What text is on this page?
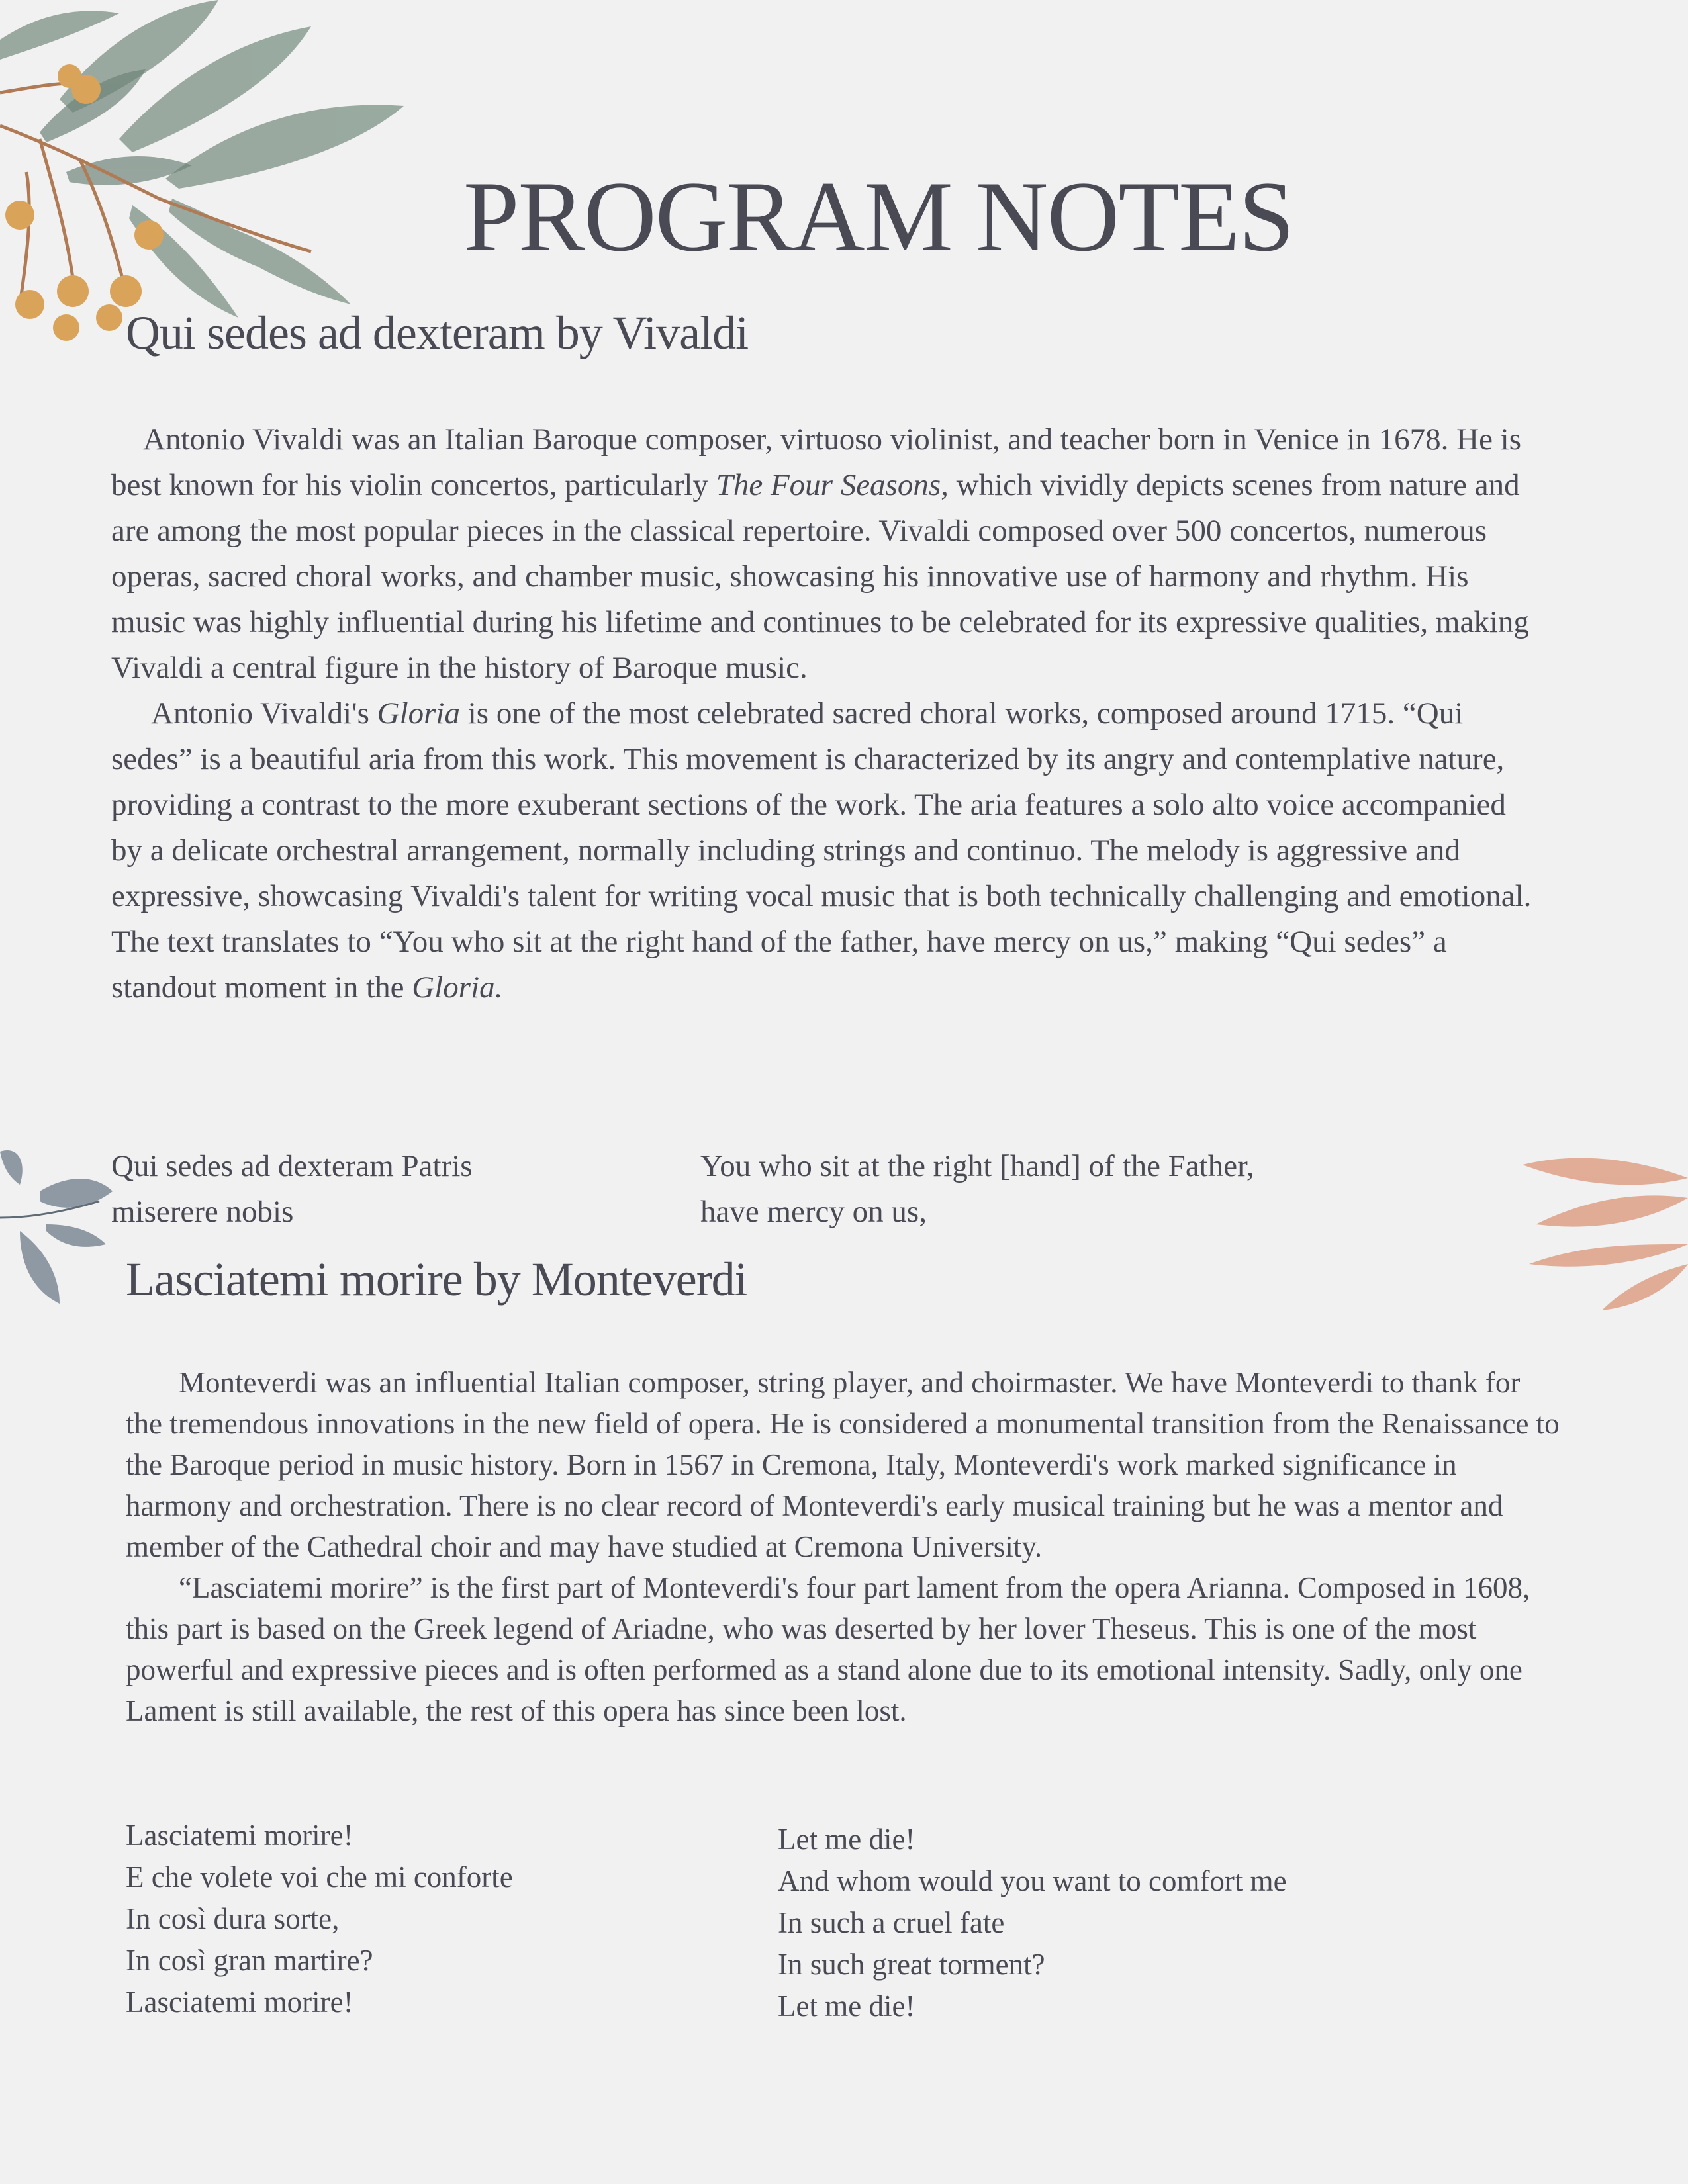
PROGRAM NOTES
Qui sedes ad dexteram by Vivaldi

Antonio Vivaldi was an Italian Baroque composer, virtuoso violinist, and teacher born in Venice in 1678. He is best known for his violin concertos, particularly The Four Seasons, which vividly depicts scenes from nature and are among the most popular pieces in the classical repertoire. Vivaldi composed over 500 concertos, numerous operas, sacred choral works, and chamber music, showcasing his innovative use of harmony and rhythm. His music was highly influential during his lifetime and continues to be celebrated for its expressive qualities, making Vivaldi a central figure in the history of Baroque music.

Antonio Vivaldi's Gloria is one of the most celebrated sacred choral works, composed around 1715. “Qui sedes” is a beautiful aria from this work. This movement is characterized by its angry and contemplative nature, providing a contrast to the more exuberant sections of the work. The aria features a solo alto voice accompanied by a delicate orchestral arrangement, normally including strings and continuo. The melody is aggressive and expressive, showcasing Vivaldi's talent for writing vocal music that is both technically challenging and emotional. The text translates to “You who sit at the right hand of the father, have mercy on us,” making “Qui sedes” a standout moment in the Gloria.

Qui sedes ad dexteram Patris
miserere nobis
You who sit at the right [hand] of the Father,
have mercy on us,
Lasciatemi morire by Monteverdi

Monteverdi was an influential Italian composer, string player, and choirmaster. We have Monteverdi to thank for the tremendous innovations in the new field of opera. He is considered a monumental transition from the Renaissance to the Baroque period in music history. Born in 1567 in Cremona, Italy, Monteverdi's work marked significance in harmony and orchestration. There is no clear record of Monteverdi's early musical training but he was a mentor and member of the Cathedral choir and may have studied at Cremona University.

“Lasciatemi morire” is the first part of Monteverdi's four part lament from the opera Arianna. Composed in 1608, this part is based on the Greek legend of Ariadne, who was deserted by her lover Theseus. This is one of the most powerful and expressive pieces and is often performed as a stand alone due to its emotional intensity. Sadly, only one Lament is still available, the rest of this opera has since been lost.

Lasciatemi morire!
E che volete voi che mi conforte
In così dura sorte,
In così gran martire?
Lasciatemi morire!
Let me die!
And whom would you want to comfort me
In such a cruel fate
In such great torment?
Let me die!
